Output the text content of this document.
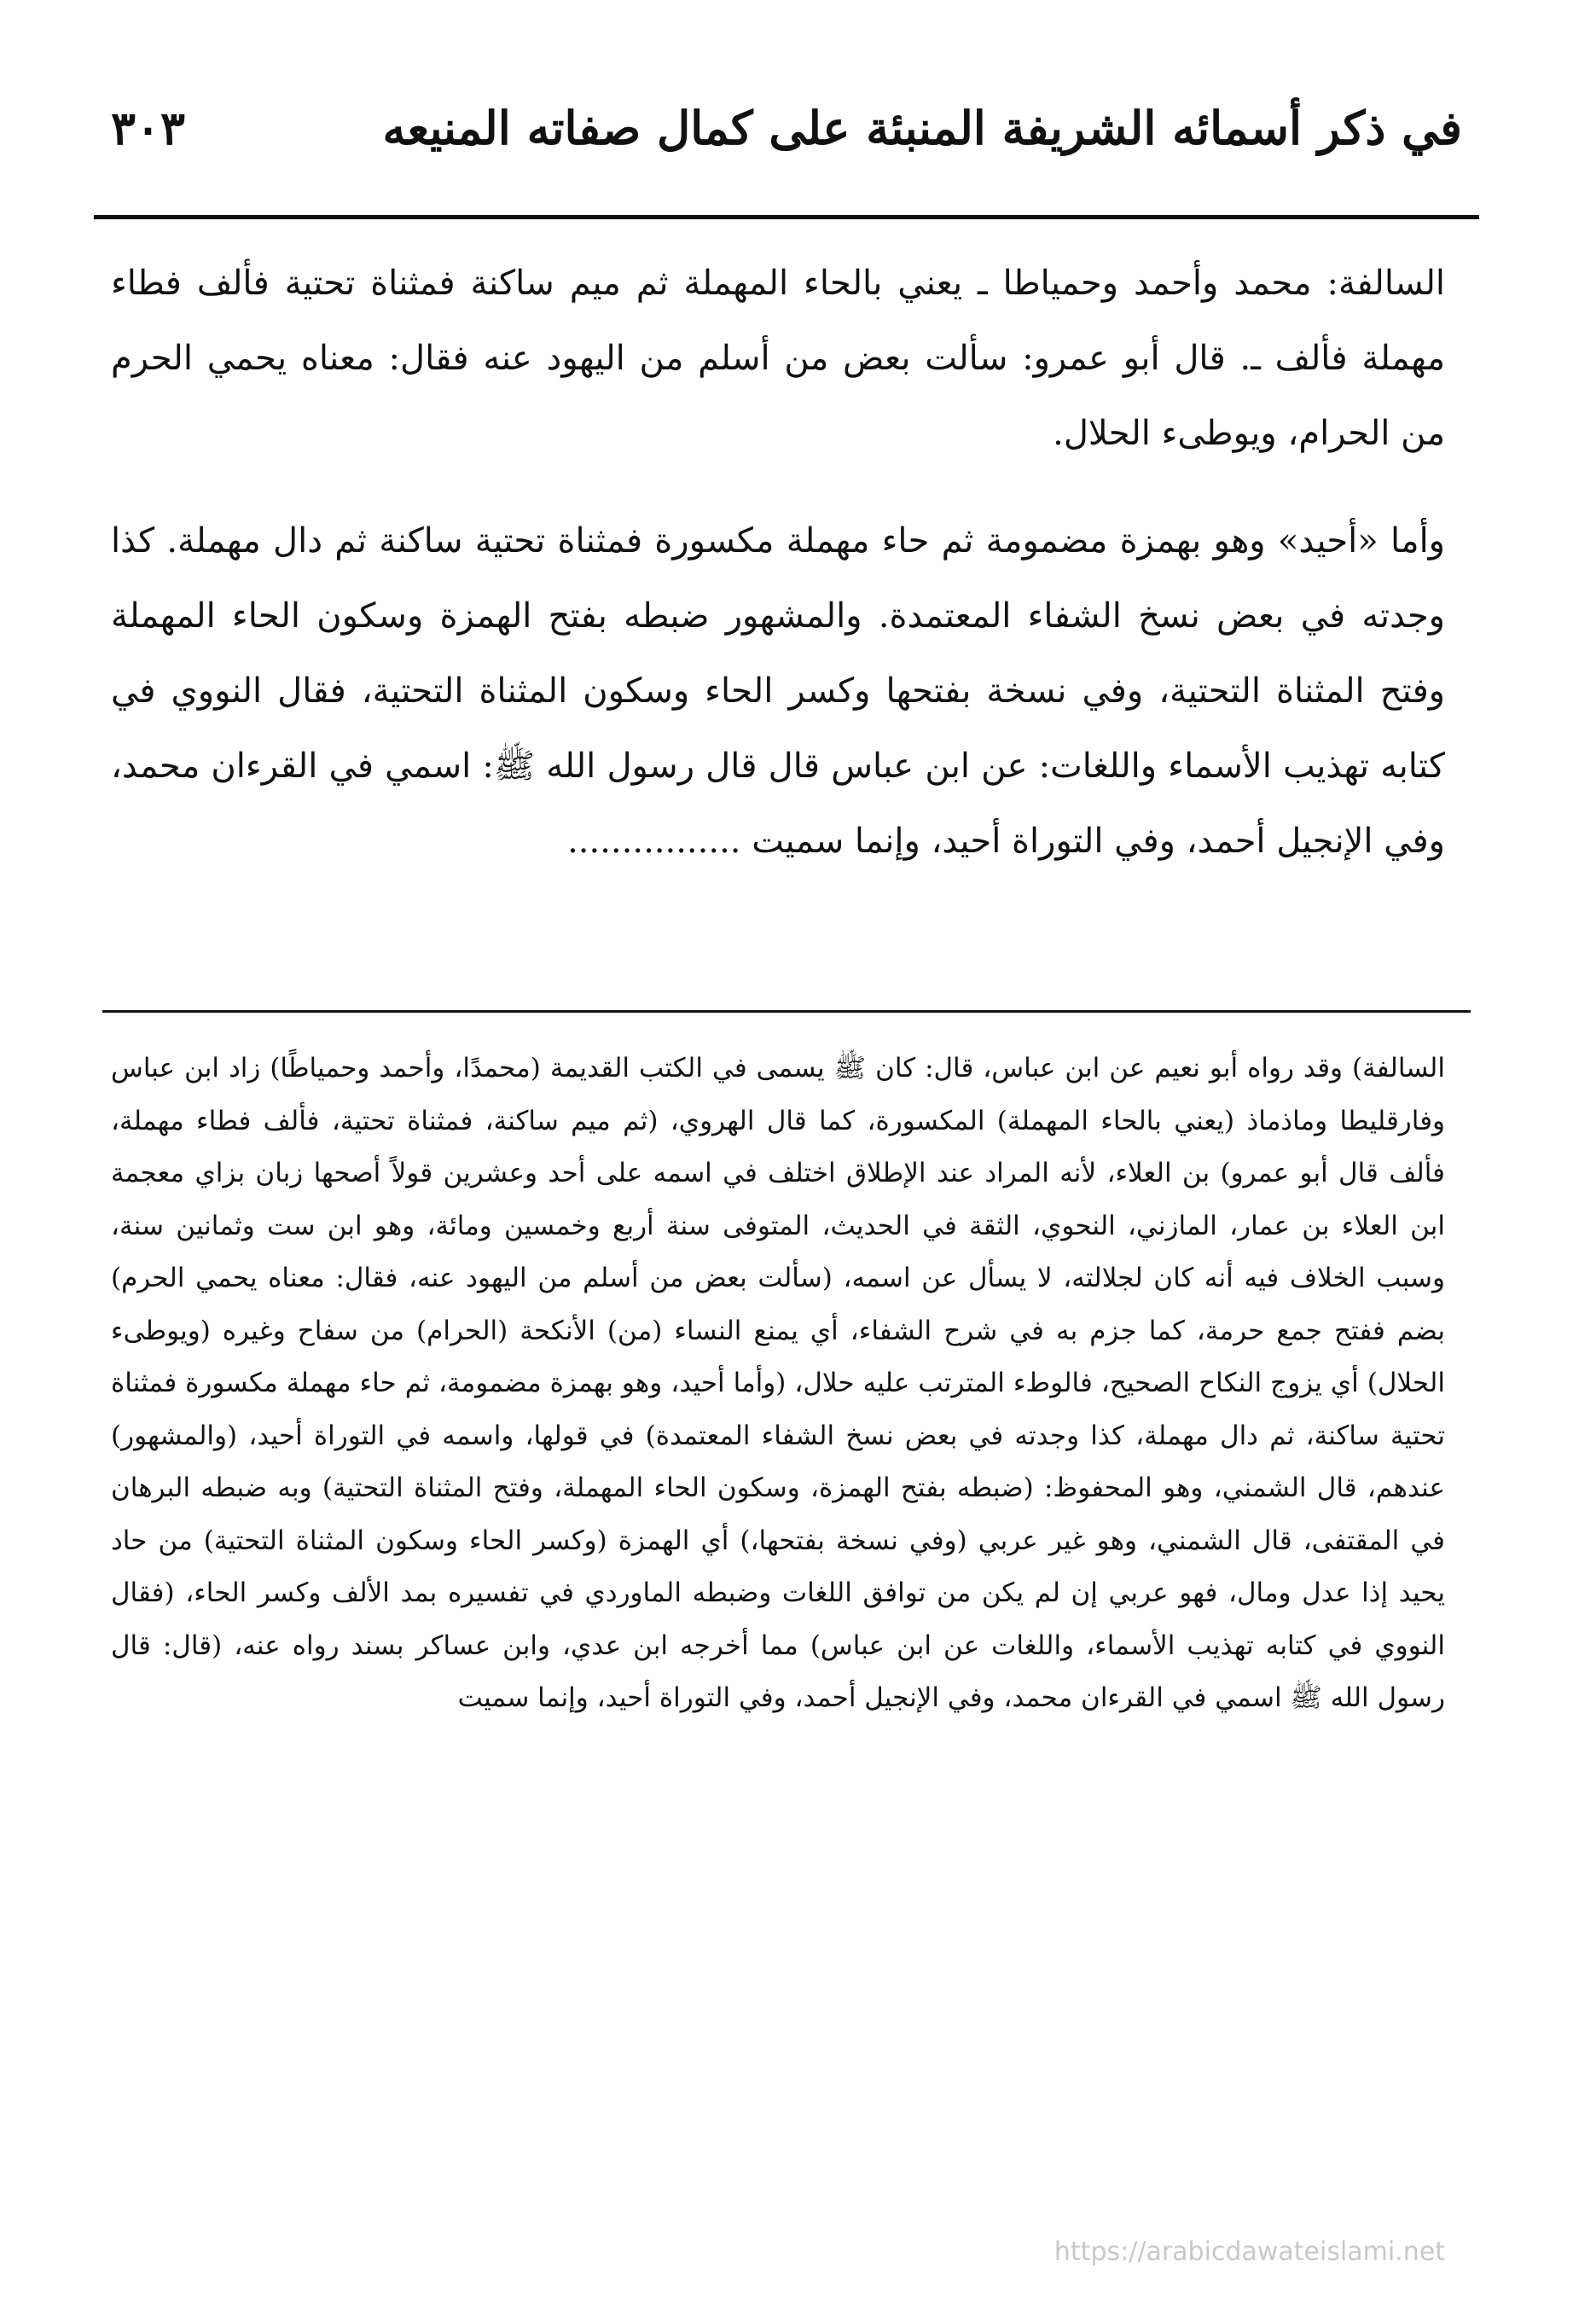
في ذكر أسمائه الشريفة المنبئة على كمال صفاته المنيعه
٣٠٣

السالفة: محمد وأحمد وحمياطا ـ يعني بالحاء المهملة ثم ميم ساكنة فمثناة تحتية فألف ‌فطاء مهملة فألف ـ. قال أبو عمرو: سألت بعض من أسلم من اليهود عنه فقال: معناه يحمي الحرم من الحرام، ويوطىء الحلال.

وأما «أحيد» وهو بهمزة مضمومة ثم حاء مهملة مكسورة فمثناة تحتية ساكنة ثم دال مهملة. كذا وجدته في بعض نسخ الشفاء المعتمدة. والمشهور ضبطه بفتح الهمزة وسكون الحاء المهملة وفتح المثناة التحتية، وفي نسخة بفتحها وكسر الحاء وسكون المثناة التحتية، فقال النووي في كتابه تهذيب الأسماء واللغات: عن ابن عباس قال قال رسول الله ﷺ: اسمي في القرءان محمد، وفي الإنجيل أحمد، وفي التوراة أحيد، وإنما سميت ................

السالفة) وقد رواه أبو نعيم عن ابن عباس، قال: كان ﷺ يسمى في الكتب القديمة (محمدًا، وأحمد وحمياطًا) زاد ابن عباس وفارقليطا وماذماذ (يعني بالحاء المهملة) المكسورة، كما قال الهروي، (ثم ميم ساكنة، فمثناة تحتية، فألف فطاء مهملة، فألف قال أبو عمرو) بن العلاء، لأنه المراد عند الإطلاق اختلف في اسمه على أحد وعشرين قولاً أصحها زبان بزاي معجمة ابن العلاء بن عمار، المازني، النحوي، الثقة في الحديث، المتوفى سنة أربع وخمسين ومائة، وهو ابن ست وثمانين سنة، وسبب الخلاف فيه أنه كان لجلالته، لا يسأل عن اسمه، (سألت بعض من أسلم من اليهود عنه، فقال: معناه يحمي الحرم) بضم ففتح جمع حرمة، كما جزم به في شرح الشفاء، أي يمنع النساء (من) الأنكحة (الحرام) من سفاح وغيره (ويوطىء الحلال) أي يزوج النكاح الصحيح، فالوطء المترتب عليه حلال، (وأما أحيد، وهو بهمزة مضمومة، ثم حاء مهملة مكسورة فمثناة تحتية ساكنة، ثم دال مهملة، كذا وجدته في بعض نسخ الشفاء المعتمدة) في قولها، واسمه في التوراة أحيد، (والمشهور) عندهم، قال الشمني، وهو المحفوظ: (ضبطه بفتح الهمزة، وسكون الحاء المهملة، وفتح المثناة التحتية) وبه ضبطه البرهان في المقتفى، قال الشمني، وهو غير عربي (وفي نسخة بفتحها،) أي الهمزة (وكسر الحاء وسكون المثناة التحتية) من حاد يحيد إذا عدل ومال، فهو عربي إن لم يكن من توافق اللغات وضبطه الماوردي في تفسيره بمد الألف وكسر الحاء، (فقال النووي في كتابه تهذيب الأسماء، واللغات عن ابن عباس) مما أخرجه ابن عدي، وابن عساكر بسند رواه عنه، (قال: قال رسول الله ﷺ اسمي في القرءان محمد، وفي الإنجيل أحمد، وفي التوراة أحيد، وإنما سميت

https://arabicdawateislami.net
